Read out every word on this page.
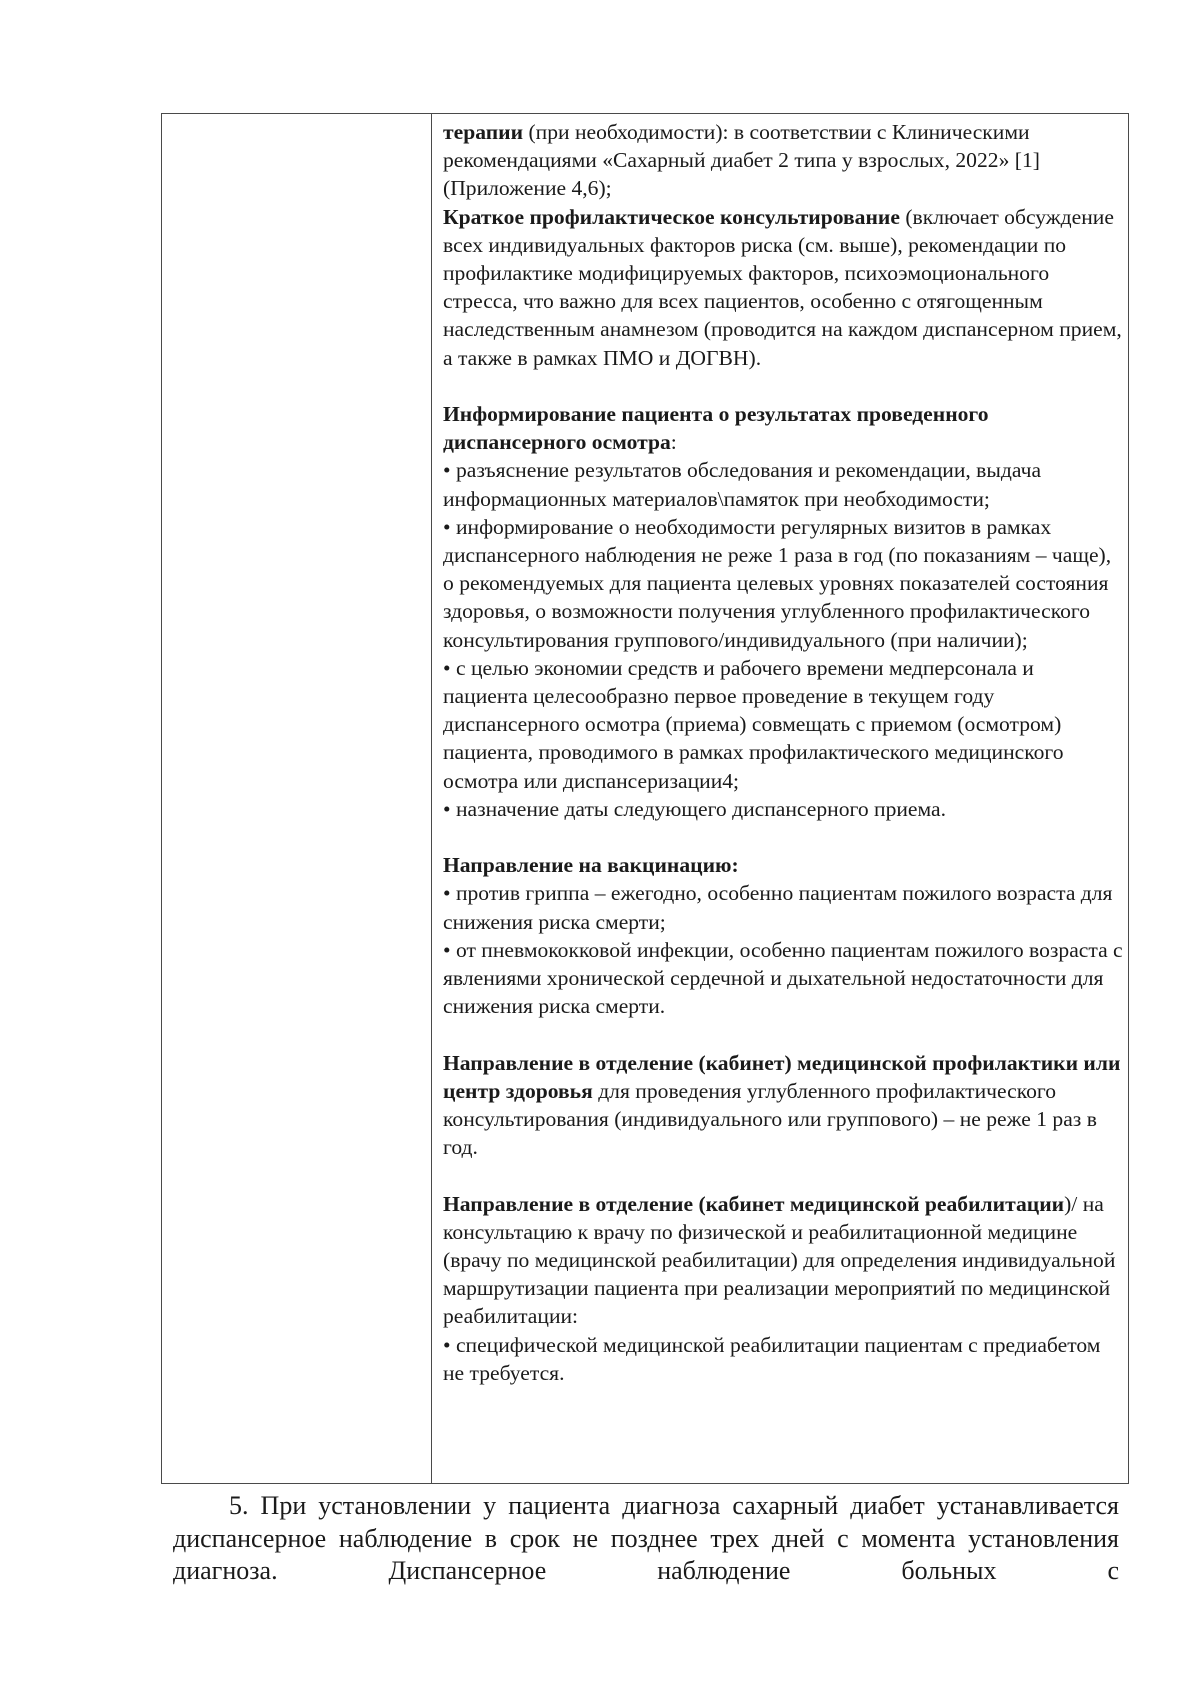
терапии (при необходимости): в соответствии с Клиническими рекомендациями «Сахарный диабет 2 типа у взрослых, 2022» [1] (Приложение 4,6);

Краткое профилактическое консультирование (включает обсуждение всех индивидуальных факторов риска (см. выше), рекомендации по профилактике модифицируемых факторов, психоэмоционального стресса, что важно для всех пациентов, особенно с отягощенным наследственным анамнезом (проводится на каждом диспансерном прием, а также в рамках ПМО и ДОГВН).

Информирование пациента о результатах проведенного диспансерного осмотра:

• разъяснение результатов обследования и рекомендации, выдача информационных материалов\памяток при необходимости;

• информирование о необходимости регулярных визитов в рамках диспансерного наблюдения не реже 1 раза в год (по показаниям – чаще), о рекомендуемых для пациента целевых уровнях показателей состояния здоровья, о возможности получения углубленного профилактического консультирования группового/индивидуального (при наличии);

• с целью экономии средств и рабочего времени медперсонала и пациента целесообразно первое проведение в текущем году диспансерного осмотра (приема) совмещать с приемом (осмотром) пациента, проводимого в рамках профилактического медицинского осмотра или диспансеризации4;

• назначение даты следующего диспансерного приема.

Направление на вакцинацию:

• против гриппа – ежегодно, особенно пациентам пожилого возраста для снижения риска смерти;

• от пневмококковой инфекции, особенно пациентам пожилого возраста с явлениями хронической сердечной и дыхательной недостаточности для снижения риска смерти.

Направление в отделение (кабинет) медицинской профилактики или центр здоровья для проведения углубленного профилактического консультирования (индивидуального или группового) – не реже 1 раз в год.

Направление в отделение (кабинет медицинской реабилитации)/ на консультацию к врачу по физической и реабилитационной медицине (врачу по медицинской реабилитации) для определения индивидуальной маршрутизации пациента при реализации мероприятий по медицинской реабилитации:

• специфической медицинской реабилитации пациентам с предиабетом не требуется.

5. При установлении у пациента диагноза сахарный диабет устанавливается диспансерное наблюдение в срок не позднее трех дней с момента установления диагноза. Диспансерное наблюдение больных с
